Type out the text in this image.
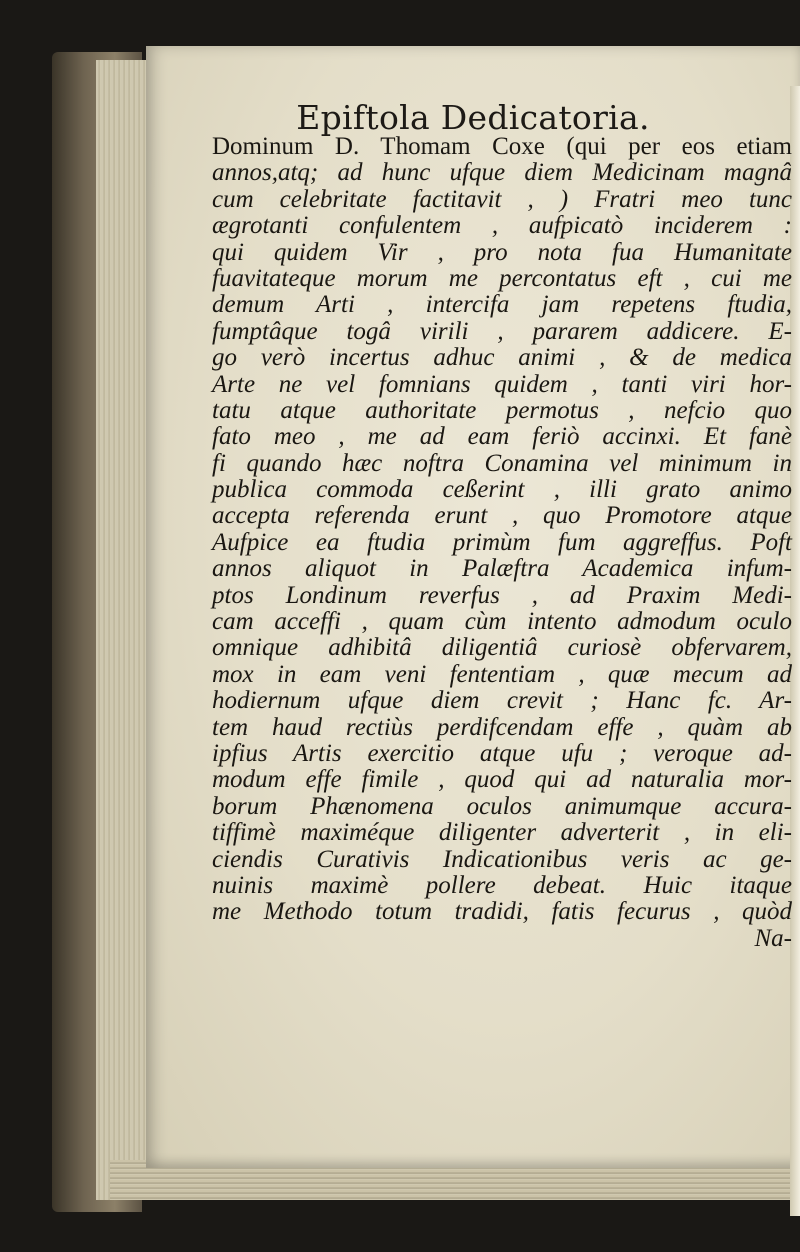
Epiftola Dedicatoria.
Dominum D. Thomam Coxe (qui per eos etiam
annos,atq; ad hunc ufque diem Medicinam magnâ
cum celebritate factitavit , ) Fratri meo tunc
ægrotanti confulentem , aufpicatò inciderem :
qui quidem Vir , pro nota fua Humanitate
fuavitateque morum me percontatus eft , cui me
demum Arti , intercifa jam repetens ftudia,
fumptâque togâ virili , pararem addicere. E-
go verò incertus adhuc animi , & de medica
Arte ne vel fomnians quidem , tanti viri hor-
tatu atque authoritate permotus , nefcio quo
fato meo , me ad eam feriò accinxi. Et fanè
fi quando hæc noftra Conamina vel minimum in
publica commoda ceßerint , illi grato animo
accepta referenda erunt , quo Promotore atque
Aufpice ea ftudia primùm fum aggreffus. Poft
annos aliquot in Palæftra Academica infum-
ptos Londinum reverfus , ad Praxim Medi-
cam acceffi , quam cùm intento admodum oculo
omnique adhibitâ diligentiâ curiosè obfervarem,
mox in eam veni fententiam , quæ mecum ad
hodiernum ufque diem crevit ; Hanc fc. Ar-
tem haud rectiùs perdifcendam effe , quàm ab
ipfius Artis exercitio atque ufu ; veroque ad-
modum effe fimile , quod qui ad naturalia mor-
borum Phænomena oculos animumque accura-
tiffimè maximéque diligenter adverterit , in eli-
ciendis Curativis Indicationibus veris ac ge-
nuinis maximè pollere debeat. Huic itaque
me Methodo totum tradidi, fatis fecurus , quòd
Na-
